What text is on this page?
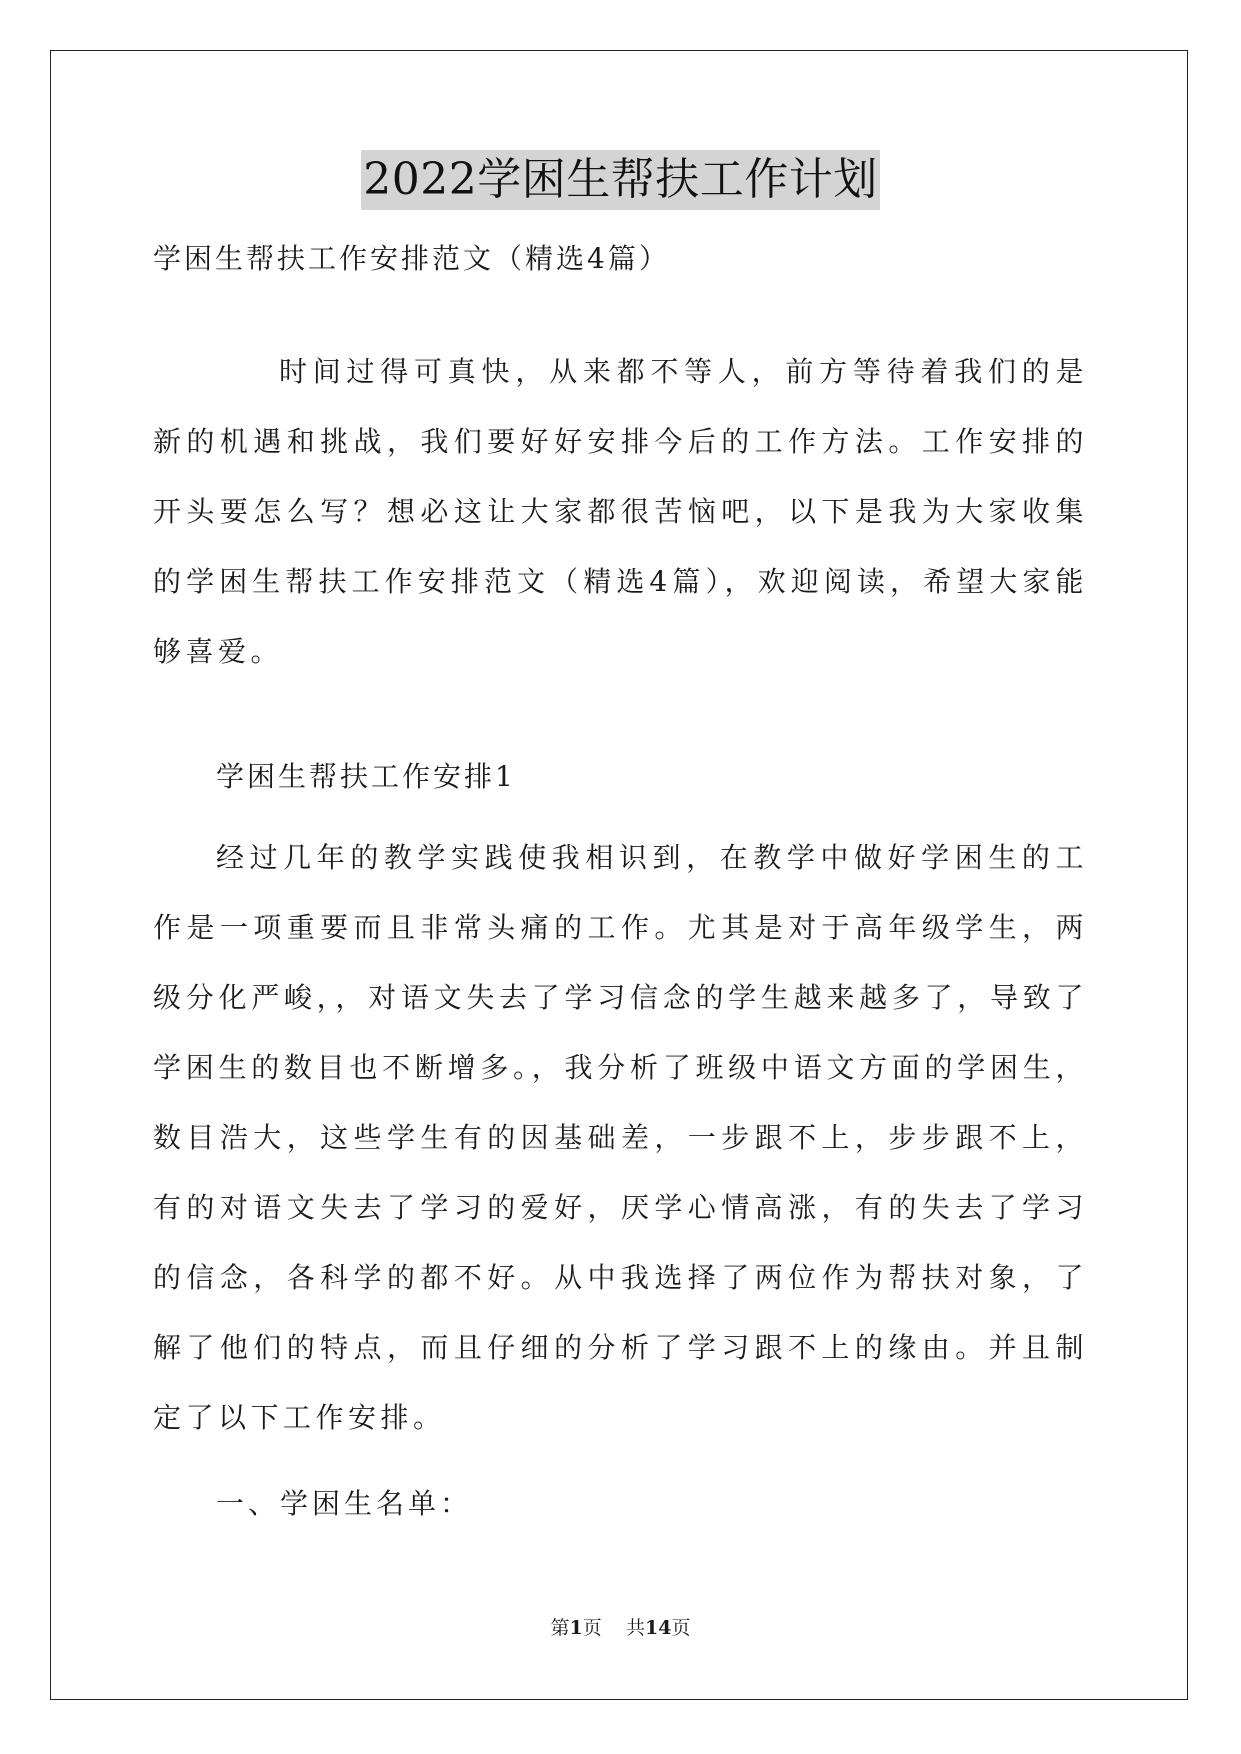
2022学困生帮扶工作计划
学困生帮扶工作安排范文（精选4篇）
时间过得可真快，从来都不等人，前方等待着我们的是新的机遇和挑战，我们要好好安排今后的工作方法。工作安排的开头要怎么写？想必这让大家都很苦恼吧，以下是我为大家收集的学困生帮扶工作安排范文（精选4篇），欢迎阅读，希望大家能够喜爱。
学困生帮扶工作安排1
经过几年的教学实践使我相识到，在教学中做好学困生的工作是一项重要而且非常头痛的工作。尤其是对于高年级学生，两级分化严峻，，对语文失去了学习信念的学生越来越多了，导致了学困生的数目也不断增多。，我分析了班级中语文方面的学困生，数目浩大，这些学生有的因基础差，一步跟不上，步步跟不上，有的对语文失去了学习的爱好，厌学心情高涨，有的失去了学习的信念，各科学的都不好。从中我选择了两位作为帮扶对象，了解了他们的特点，而且仔细的分析了学习跟不上的缘由。并且制定了以下工作安排。
一、学困生名单：
第1页 共14页
